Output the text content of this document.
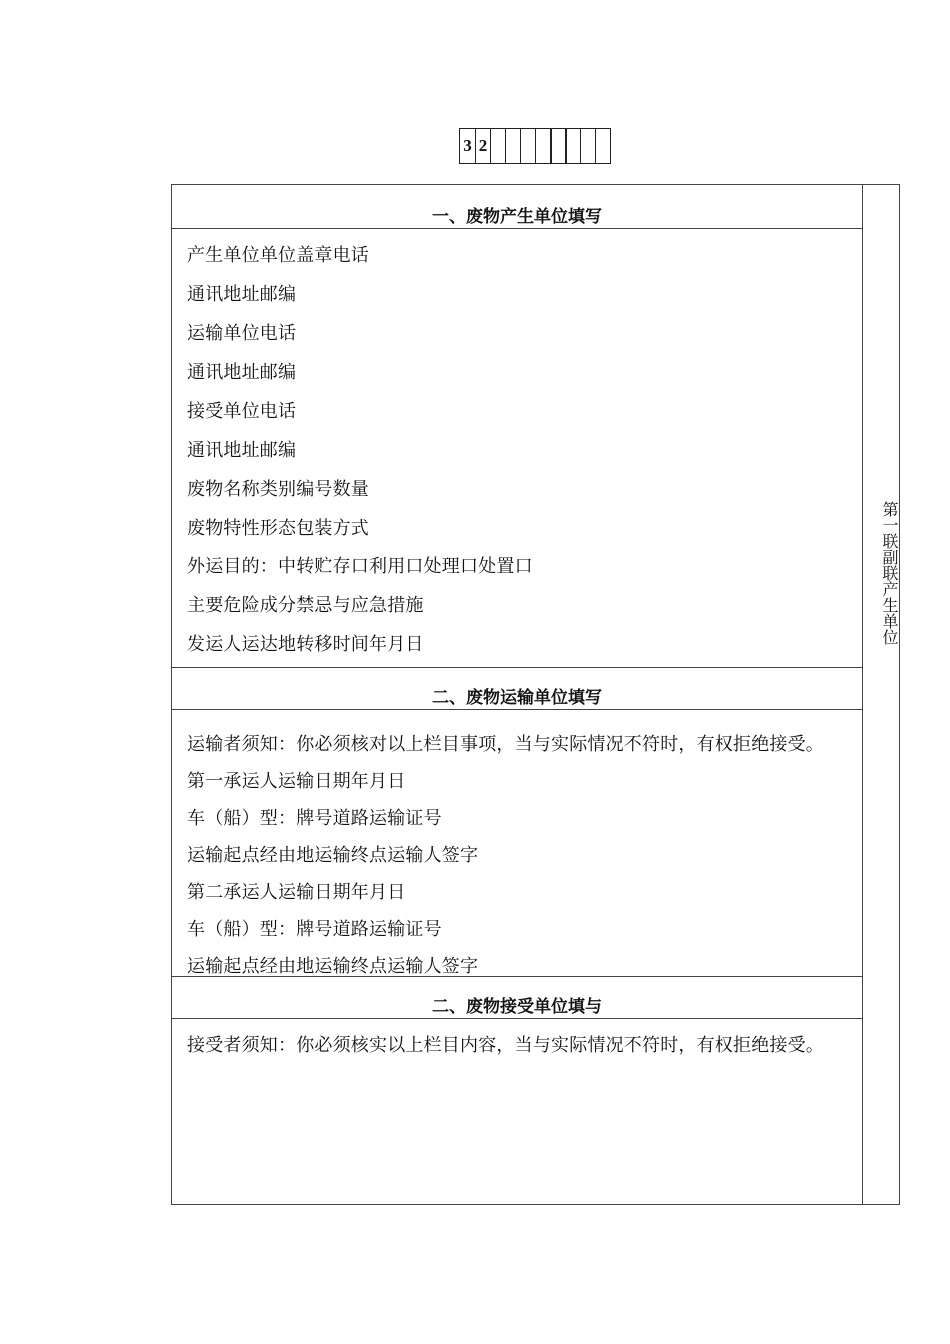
3 2
一、废物产生单位填写
产生单位单位盖章电话
通讯地址邮编
运输单位电话
通讯地址邮编
接受单位电话
通讯地址邮编
废物名称类别编号数量
废物特性形态包装方式
外运目的：中转贮存口利用口处理口处置口
主要危险成分禁忌与应急措施
发运人运达地转移时间年月日
二、废物运输单位填写
运输者须知：你必须核对以上栏目事项，当与实际情况不符时，有权拒绝接受。
第一承运人运输日期年月日
车（船）型：牌号道路运输证号
运输起点经由地运输终点运输人签字
第二承运人运输日期年月日
车（船）型：牌号道路运输证号
运输起点经由地运输终点运输人签字
二、废物接受单位填与
接受者须知：你必须核实以上栏目内容，当与实际情况不符时，有权拒绝接受。
第一联副联产生单位
